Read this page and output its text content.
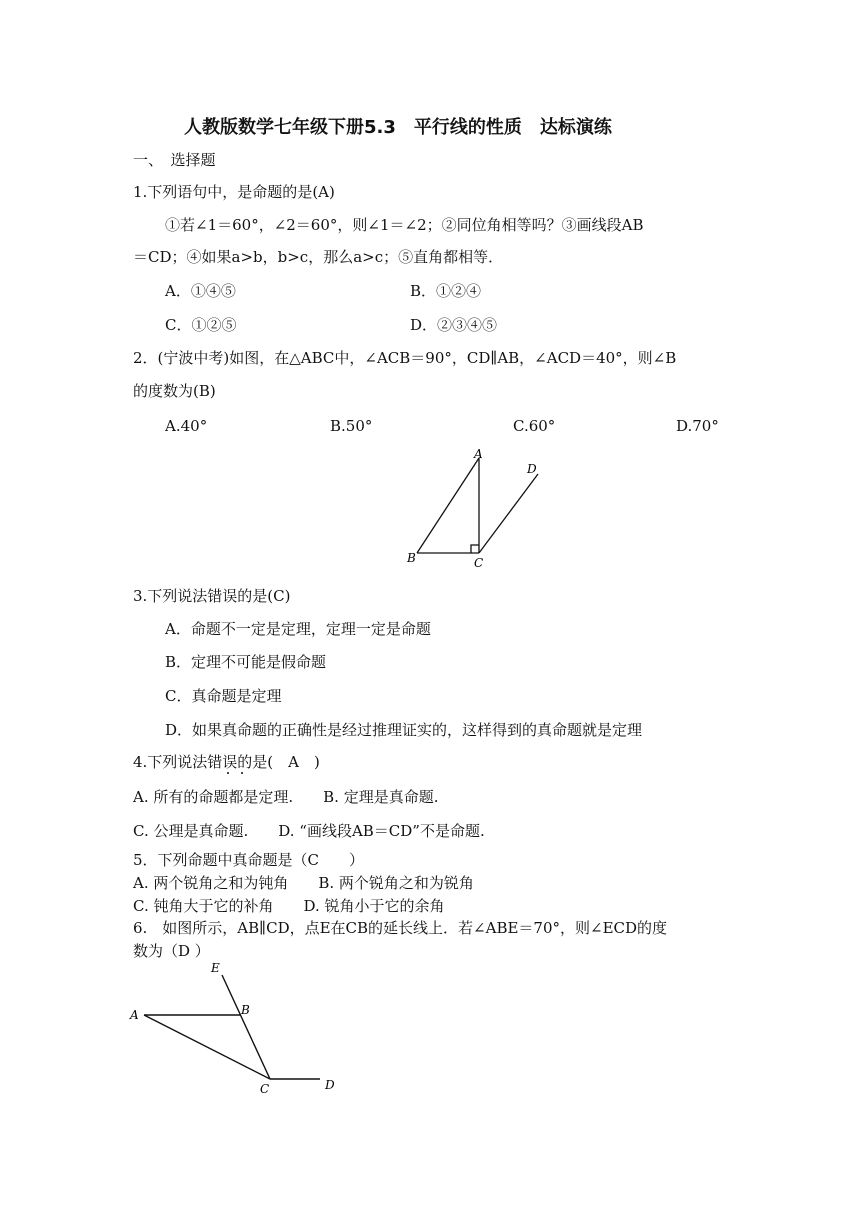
人教版数学七年级下册5.3　平行线的性质　达标演练
一、　选择题
1.下列语句中，是命题的是(A)
①若∠1＝60°，∠2＝60°，则∠1＝∠2；②同位角相等吗？③画线段AB
＝CD；④如果a>b，b>c，那么a>c；⑤直角都相等．
A．①④⑤	B．①②④
C．①②⑤	D．②③④⑤
2．(宁波中考)如图，在△ABC中，∠ACB＝90°，CD∥AB，∠ACD＝40°，则∠B
的度数为(B)
A.40°	B.50°	C.60°	D.70°
A
B	C
D
3.下列说法错误的是(C)
A．命题不一定是定理，定理一定是命题
B．定理不可能是假命题
C．真命题是定理
D．如果真命题的正确性是经过推理证实的，这样得到的真命题就是定理
4.下列说法错误的是(　A　)
A. 所有的命题都是定理.　　B. 定理是真命题.
C. 公理是真命题.　　D. “画线段AB＝CD”不是命题.
5．下列命题中真命题是（C　　）
A. 两个锐角之和为钝角　　B. 两个锐角之和为锐角
C. 钝角大于它的补角　　D. 锐角小于它的余角
6.　如图所示，AB∥CD，点E在CB的延长线上．若∠ABE＝70°，则∠ECD的度
数为（D ）
E
A	B
C	D
